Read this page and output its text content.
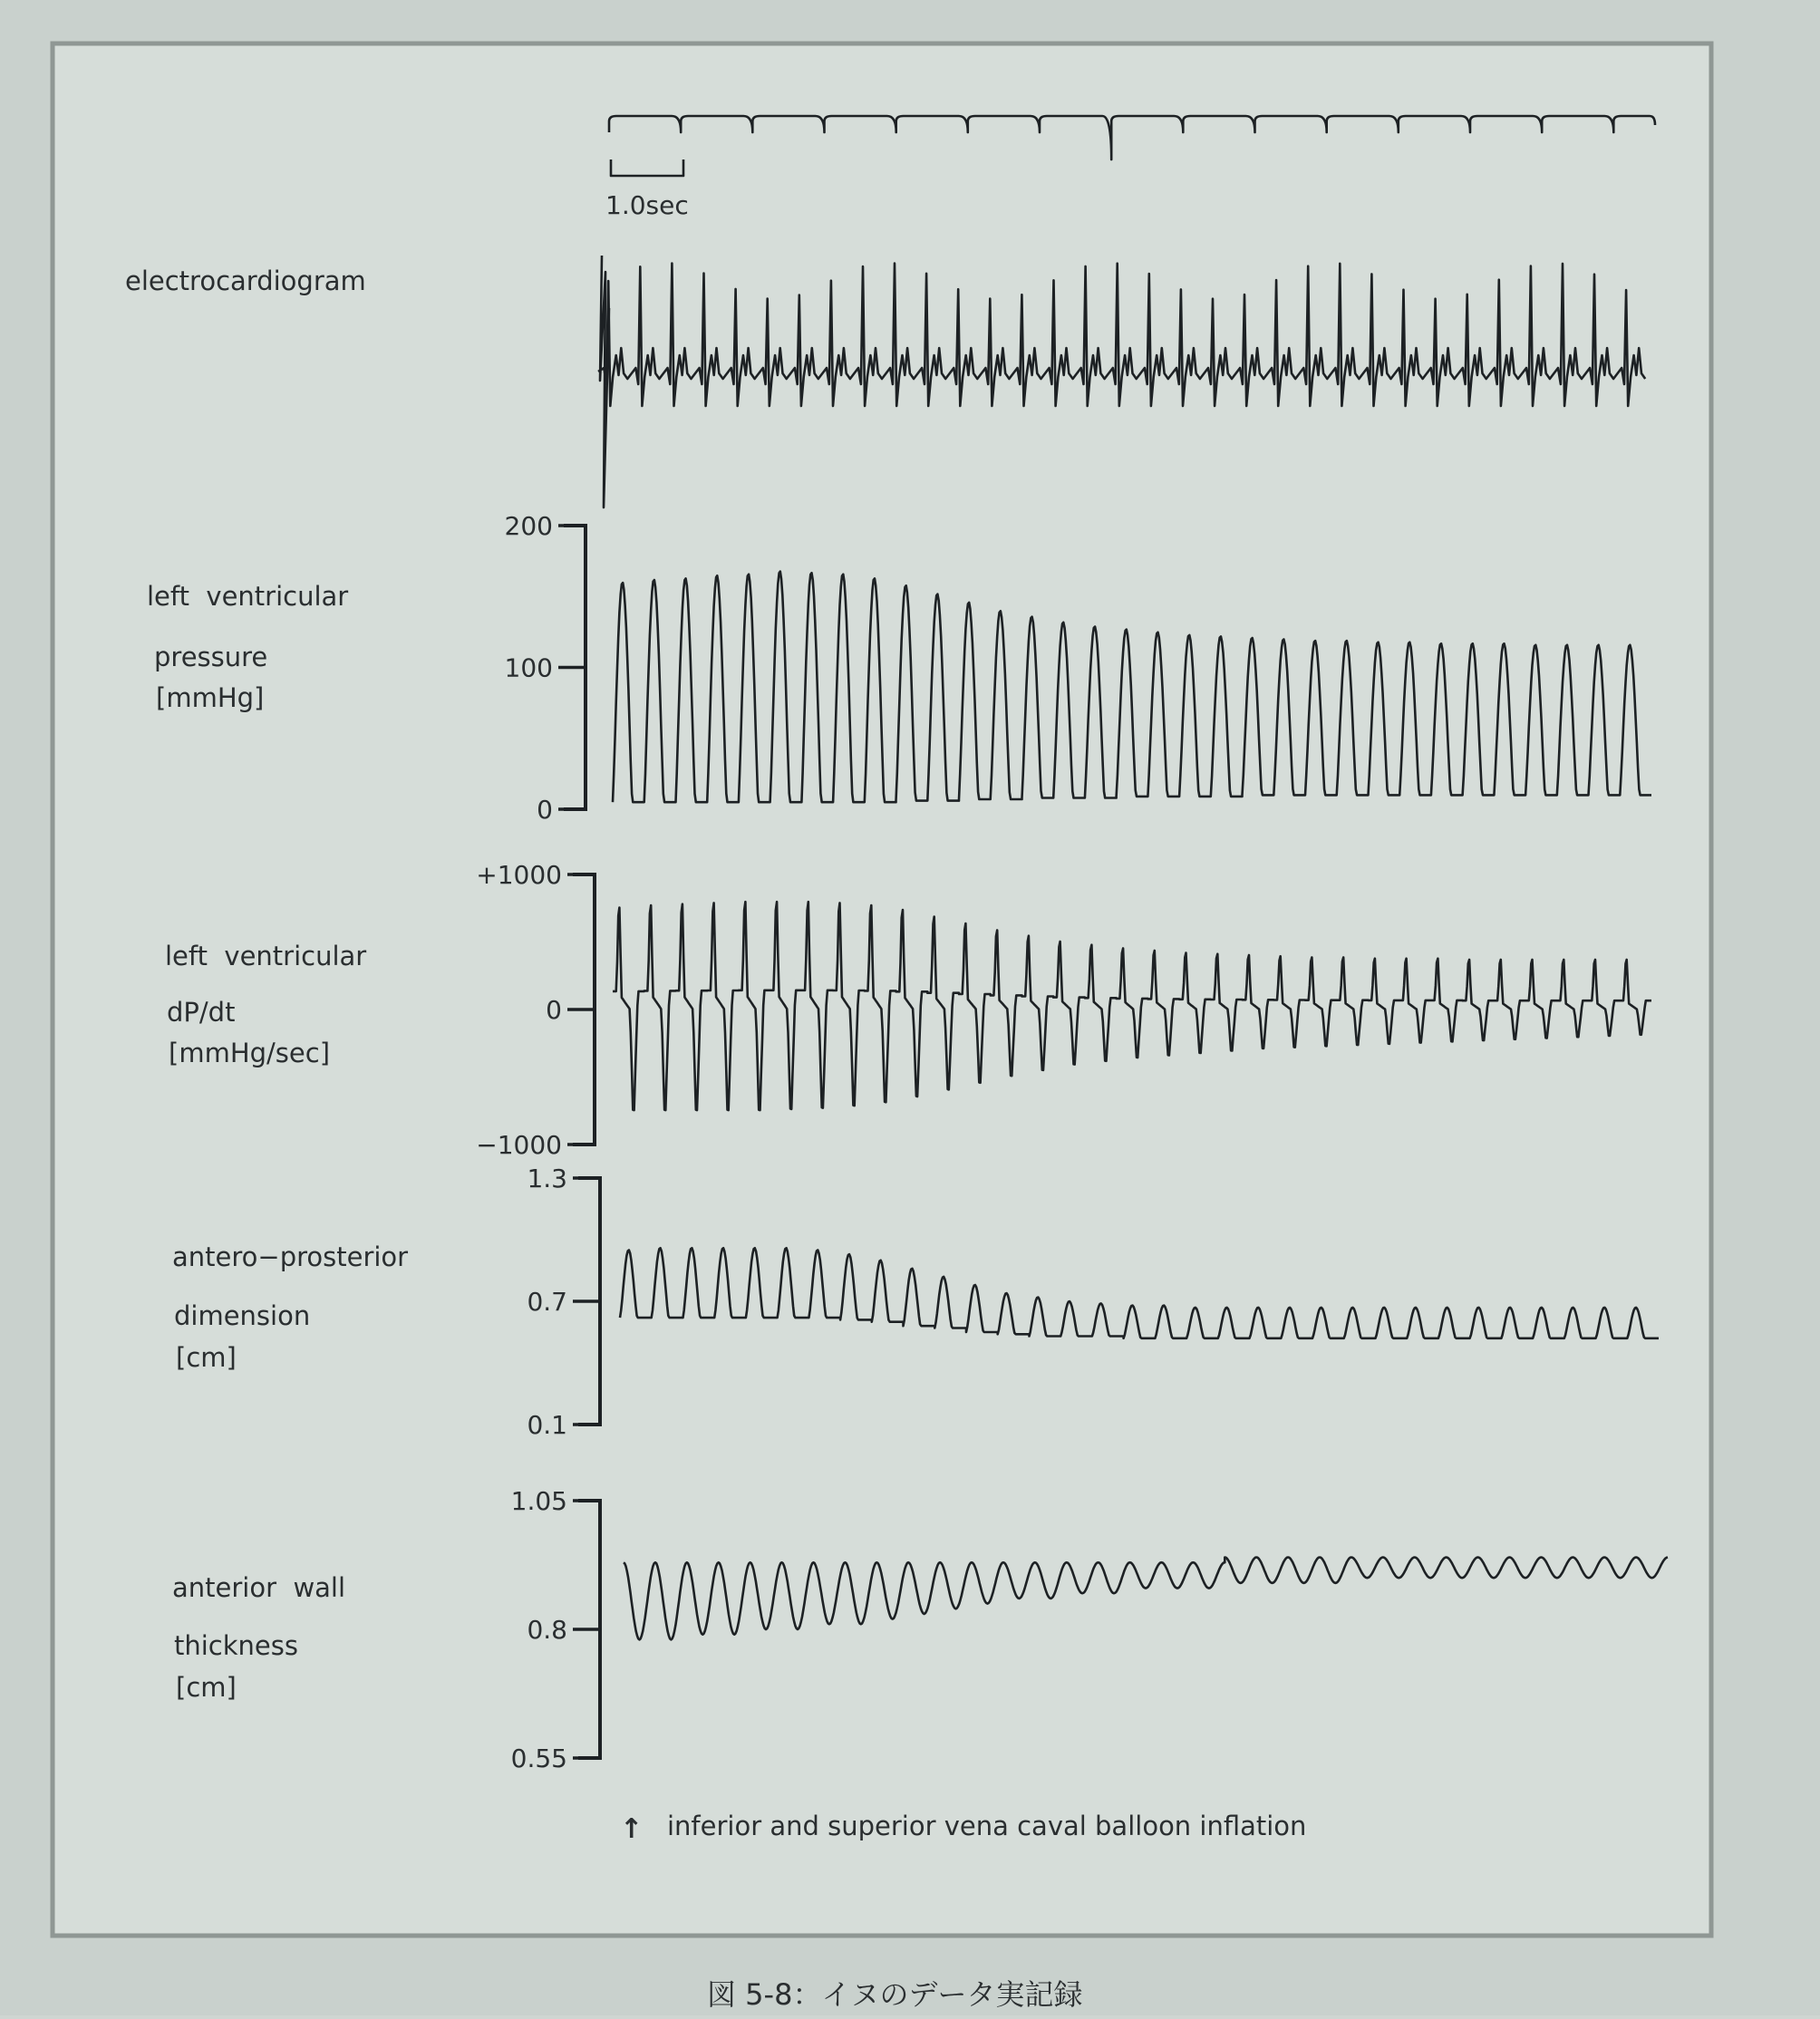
1.0sec
electrocardiogram
left  ventricular
pressure
[mmHg]
left  ventricular
dP/dt
[mmHg/sec]
antero−prosterior
dimension
[cm]
anterior  wall
thickness
[cm]
200
100
0
+1000
0
−1000
1.3
0.7
0.1
1.05
0.8
0.55
↑ inferior and superior vena caval balloon inflation
図 5-8：イヌのデータ実記録
